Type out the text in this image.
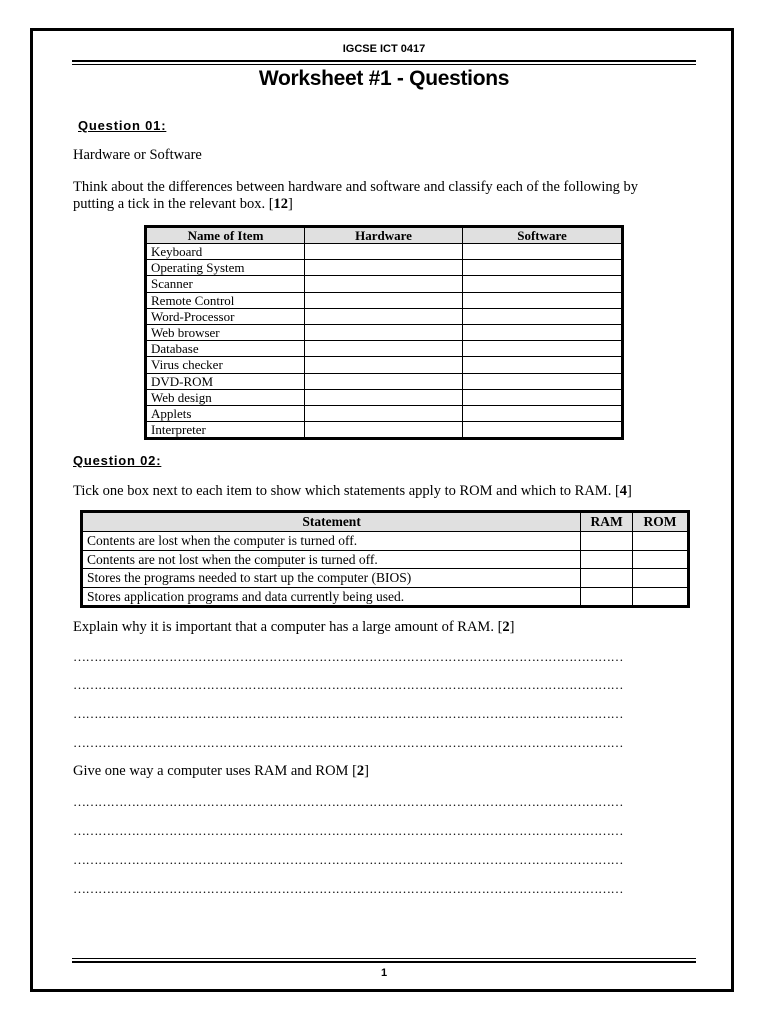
IGCSE ICT 0417
Worksheet #1 - Questions
Question 01:
Hardware or Software
Think about the differences between hardware and software and classify each of the following by
putting a tick in the relevant box. [12]
Name of Item	Hardware	Software
Keyboard		
Operating System		
Scanner		
Remote Control		
Word-Processor		
Web browser		
Database		
Virus checker		
DVD-ROM		
Web design		
Applets		
Interpreter		
Question 02:
Tick one box next to each item to show which statements apply to ROM and which to RAM. [4]
Statement	RAM	ROM
Contents are lost when the computer is turned off.		
Contents are not lost when the computer is turned off.		
Stores the programs needed to start up the computer (BIOS)		
Stores application programs and data currently being used.		
Explain why it is important that a computer has a large amount of RAM. [2]
……………………………………………………………………………………………………………………
……………………………………………………………………………………………………………………
……………………………………………………………………………………………………………………
……………………………………………………………………………………………………………………
Give one way a computer uses RAM and ROM [2]
……………………………………………………………………………………………………………………
……………………………………………………………………………………………………………………
……………………………………………………………………………………………………………………
……………………………………………………………………………………………………………………
1
